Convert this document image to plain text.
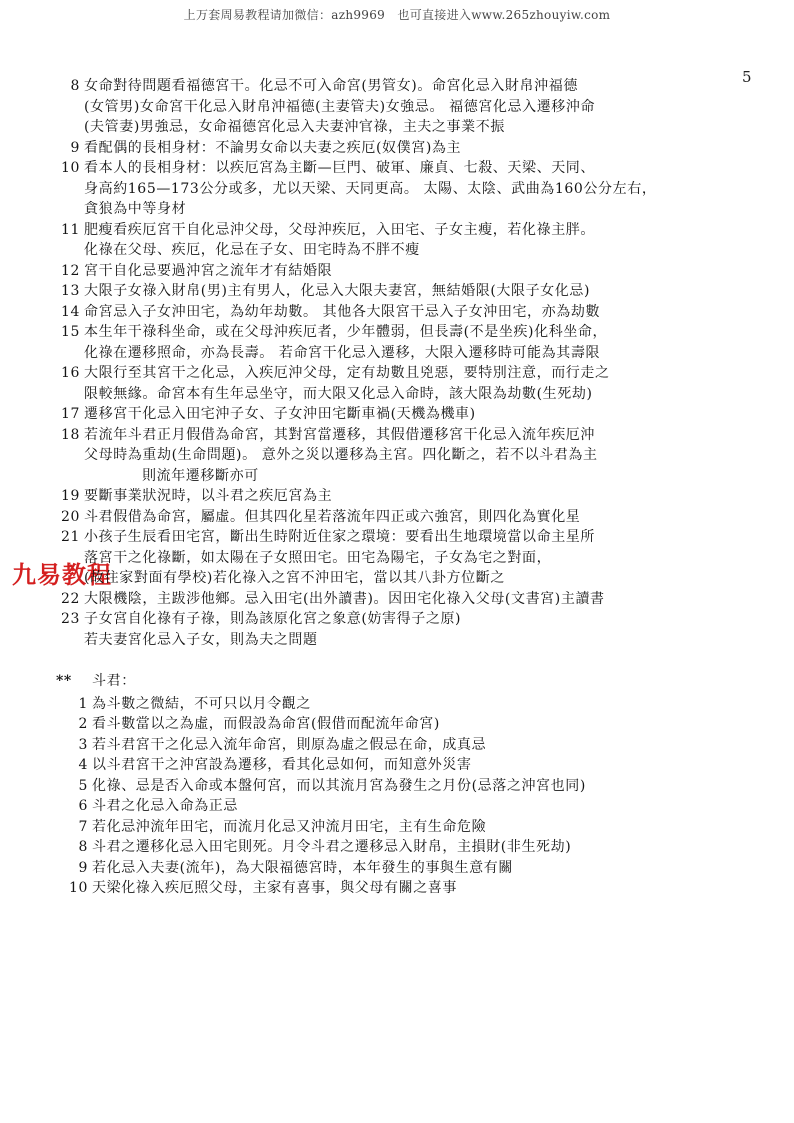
上万套周易教程请加微信：azh9969　也可直接进入www.265zhouyiw.com
5
九易教程
8 女命對待問題看福德宮干。化忌不可入命宮(男管女)。命宮化忌入財帛沖福德
(女管男)女命宮干化忌入財帛沖福德(主妻管夫)女強忌。 福德宮化忌入遷移沖命
(夫管妻)男強忌，女命福德宮化忌入夫妻沖官祿，主夫之事業不振
9 看配偶的長相身材：不論男女命以夫妻之疾厄(奴僕宮)為主
10 看本人的長相身材：以疾厄宮為主斷—巨門、破軍、廉貞、七殺、天梁、天同、
身高約165—173公分或多，尤以天梁、天同更高。 太陽、太陰、武曲為160公分左右，
貪狼為中等身材
11 肥瘦看疾厄宮干自化忌沖父母，父母沖疾厄，入田宅、子女主瘦，若化祿主胖。
化祿在父母、疾厄，化忌在子女、田宅時為不胖不瘦
12 宮干自化忌要過沖宮之流年才有結婚限
13 大限子女祿入財帛(男)主有男人，化忌入大限夫妻宮，無結婚限(大限子女化忌)
14 命宮忌入子女沖田宅，為幼年劫數。 其他各大限宮干忌入子女沖田宅，亦為劫數
15 本生年干祿科坐命，或在父母沖疾厄者，少年體弱，但長壽(不是坐疾)化科坐命，
化祿在遷移照命，亦為長壽。 若命宮干化忌入遷移，大限入遷移時可能為其壽限
16 大限行至其宮干之化忌，入疾厄沖父母，定有劫數且兇惡，要特別注意，而行走之
限較無緣。命宮本有生年忌坐守，而大限又化忌入命時，該大限為劫數(生死劫)
17 遷移宮干化忌入田宅沖子女、子女沖田宅斷車禍(天機為機車)
18 若流年斗君正月假借為命宮，其對宮當遷移，其假借遷移宮干化忌入流年疾厄沖
父母時為重劫(生命問題)。 意外之災以遷移為主宮。四化斷之，若不以斗君為主
則流年遷移斷亦可
19 要斷事業狀況時，以斗君之疾厄宮為主
20 斗君假借為命宮，屬虛。但其四化星若落流年四正或六強宮，則四化為實化星
21 小孩子生辰看田宅宮，斷出生時附近住家之環境：要看出生地環境當以命主星所
落宮干之化祿斷，如太陽在子女照田宅。田宅為陽宅，子女為宅之對面，
(故住家對面有學校)若化祿入之宮不沖田宅，當以其八卦方位斷之
22 大限機陰，主跋涉他鄉。忌入田宅(出外讀書)。因田宅化祿入父母(文書宮)主讀書
23 子女宮自化祿有子祿，則為該原化宮之象意(妨害得子之原)
若夫妻宮化忌入子女，則為夫之問題
**	斗君：
1 為斗數之微結，不可只以月令觀之
2 看斗數當以之為虛，而假設為命宮(假借而配流年命宮)
3 若斗君宮干之化忌入流年命宮，則原為虛之假忌在命，成真忌
4 以斗君宮干之沖宮設為遷移，看其化忌如何，而知意外災害
5 化祿、忌是否入命或本盤何宮，而以其流月宮為發生之月份(忌落之沖宮也同)
6 斗君之化忌入命為正忌
7 若化忌沖流年田宅，而流月化忌又沖流月田宅，主有生命危險
8 斗君之遷移化忌入田宅則死。月令斗君之遷移忌入財帛，主損財(非生死劫)
9 若化忌入夫妻(流年)，為大限福德宮時，本年發生的事與生意有關
10 天梁化祿入疾厄照父母，主家有喜事，與父母有關之喜事
